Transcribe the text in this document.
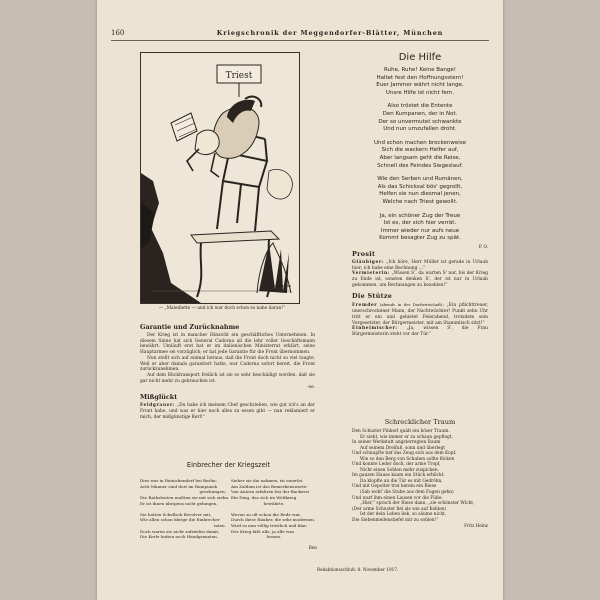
160	Kriegschronik der Meggendorfer-Blätter, München
Triest
Zacharias
— „Malediette — und ich war doch schon so nahe daran!“

Garantie und Zurücknahme

Der Krieg ist in mancher Hinsicht ein geschäftliches Unternehmen. In diesem Sinne hat sich General Cadorna all die lehr voller Geschäftsmann bewährt. Umläuft erst hat er im italienischen Ministerrat erklärt, seine Hauptarmee sei vorzüglich; er hat jede Garantie für die Front übernommen.

Nun stellt sich auf einmal heraus, daß die Front doch nicht so viel taugte. Weil er aber damals garantiert hatte, war Cadorna sofort bereit, die Front zurückzunehmen.

Auf dem Rücktransport freilich ist sie so sehr beschädigt worden, daß sie gar nicht mehr zu gebrauchen ist.

-oe.

Mißglückt

Feldgrauer: „Du habe ich meinem Chef geschrieben, wie gut ich's an der Front habe, und was er hier noch alles zu essen gibt — nun reklamiert er mich, der mißgünstige Kerl!“

Einbrecher der Kriegszeit

Dies war in Reinickendorf bei Berlin:
Acht Männer sind dort im Rumpunsk
gesehungen;
Die Rathsleuten mußten sie mit sich ziehn.
Er ist ihnen übrigens nicht gelungen.
Sie hatten Schellsch Revolver mit,
Wie allen schon übrige die Einbrecher
taten.
Doch waren sie nicht zufrieden damit,
Die Kerle hatten noch Handgranaten.
Sieher sie die nahmen, ist einerlei.
Am Zaldum ist das Bemerkenswerte:
Von Autern erfahren bei der Backerei
Ein Ding, das sich im Weltkrieg
bewährte.
Wovon zu oft schon die Rede war,
Durch diese Räuber, die sehr modernen,
Wird es nun völlig tröstlich und klar:
Der Krieg läßt alle, ja alle was
lernen.

Ben

Die Hilfe

Ruhe, Ruhe! Keine Bange!
Haltet fest den Hoffnungsstern!
Euer Jammer währt nicht lange,
Unsre Hilfe ist nicht fern.
Also tröstet die Entente
Den Kumpanen, der in Not.
Der so unvermutet schwankte
Und nun umzufallen droht.
Und schon machen brockenweise
Sich die wackern Helfer auf,
Aber langsam geht die Reise,
Schnell des Feindes Siegeslauf.
Wie den Serben und Rumänen,
Als das Schicksal bös' gegrollt,
Helfen sie nun diesmal jenen,
Welche nach Triest gewollt.
Ja, ein schöner Zug der Treue
Ist es, der sich hier verrät.
Immer wieder nur aufs neue
Kommt besagter Zug zu spät.

P. O.

Prosit

Gläubiger: „Ich höre, Herr Müller ist gerade in Urlaub hier; ich habe eine Rechnung ...“

Vermieterin: „Wissen S', da warten S' nur, bis der Krieg zu Ende ist, sonsten denken S', der ist nur in Urlaub gekommen, um Rechnungen zu bezahlen!“

Die Stütze

Fremder (abends in der Dorfwirtschaft): „Ein pflichttreuer, unerschrockener Mann, der Nachtwächter! Punkt zehn Uhr tritt er ein und gebietet Feierabend, trotzdem sein Vorgesetzter, der Bürgermeister, mit am Stammtisch sitzt!“

Einheimischer: „Ja, wissen S', die Frau Bürgermeisterin steht vor der Tür.“

Schrecklicher Traum

Den Schuster Pinkerl quält ein böser Traum.
Er sieht, wie immer er zu schaun gepflegt,
In seiner Werkstatt angsterregten Raum
Auf seinem Dreifuß, sonn und überlegt
Und schnupfte tief das Zeug sich aus dem Kopf.
Wie so den Berg von Schuhen sollte flicken
Und konnte Leder doch, der arme Tropf,
Nicht einen Sohlen mehr zuspicken.
Im ganzen Hause kaum ein Stück erblickt.
Da klopfte an die Tür es mit Gedröhn,
Und mit Gepolter trat herein ein Riese
(Sah wohl' die Stube aus dem Fugen gehn)
Und warf ihm einen Lausen vor die Füße.
„Hier,“ sprach der Riese dann, „sie schönster Wicht,
(Der arme Schuster fiel als wie auf Kohlen)
Ist der dein Leben lieb, so säume nicht,
Die Siebenmeilenstiefel mir zu sohlen!“

Fritz Heinz

Redaktionsschluß: 8. November 1917.
